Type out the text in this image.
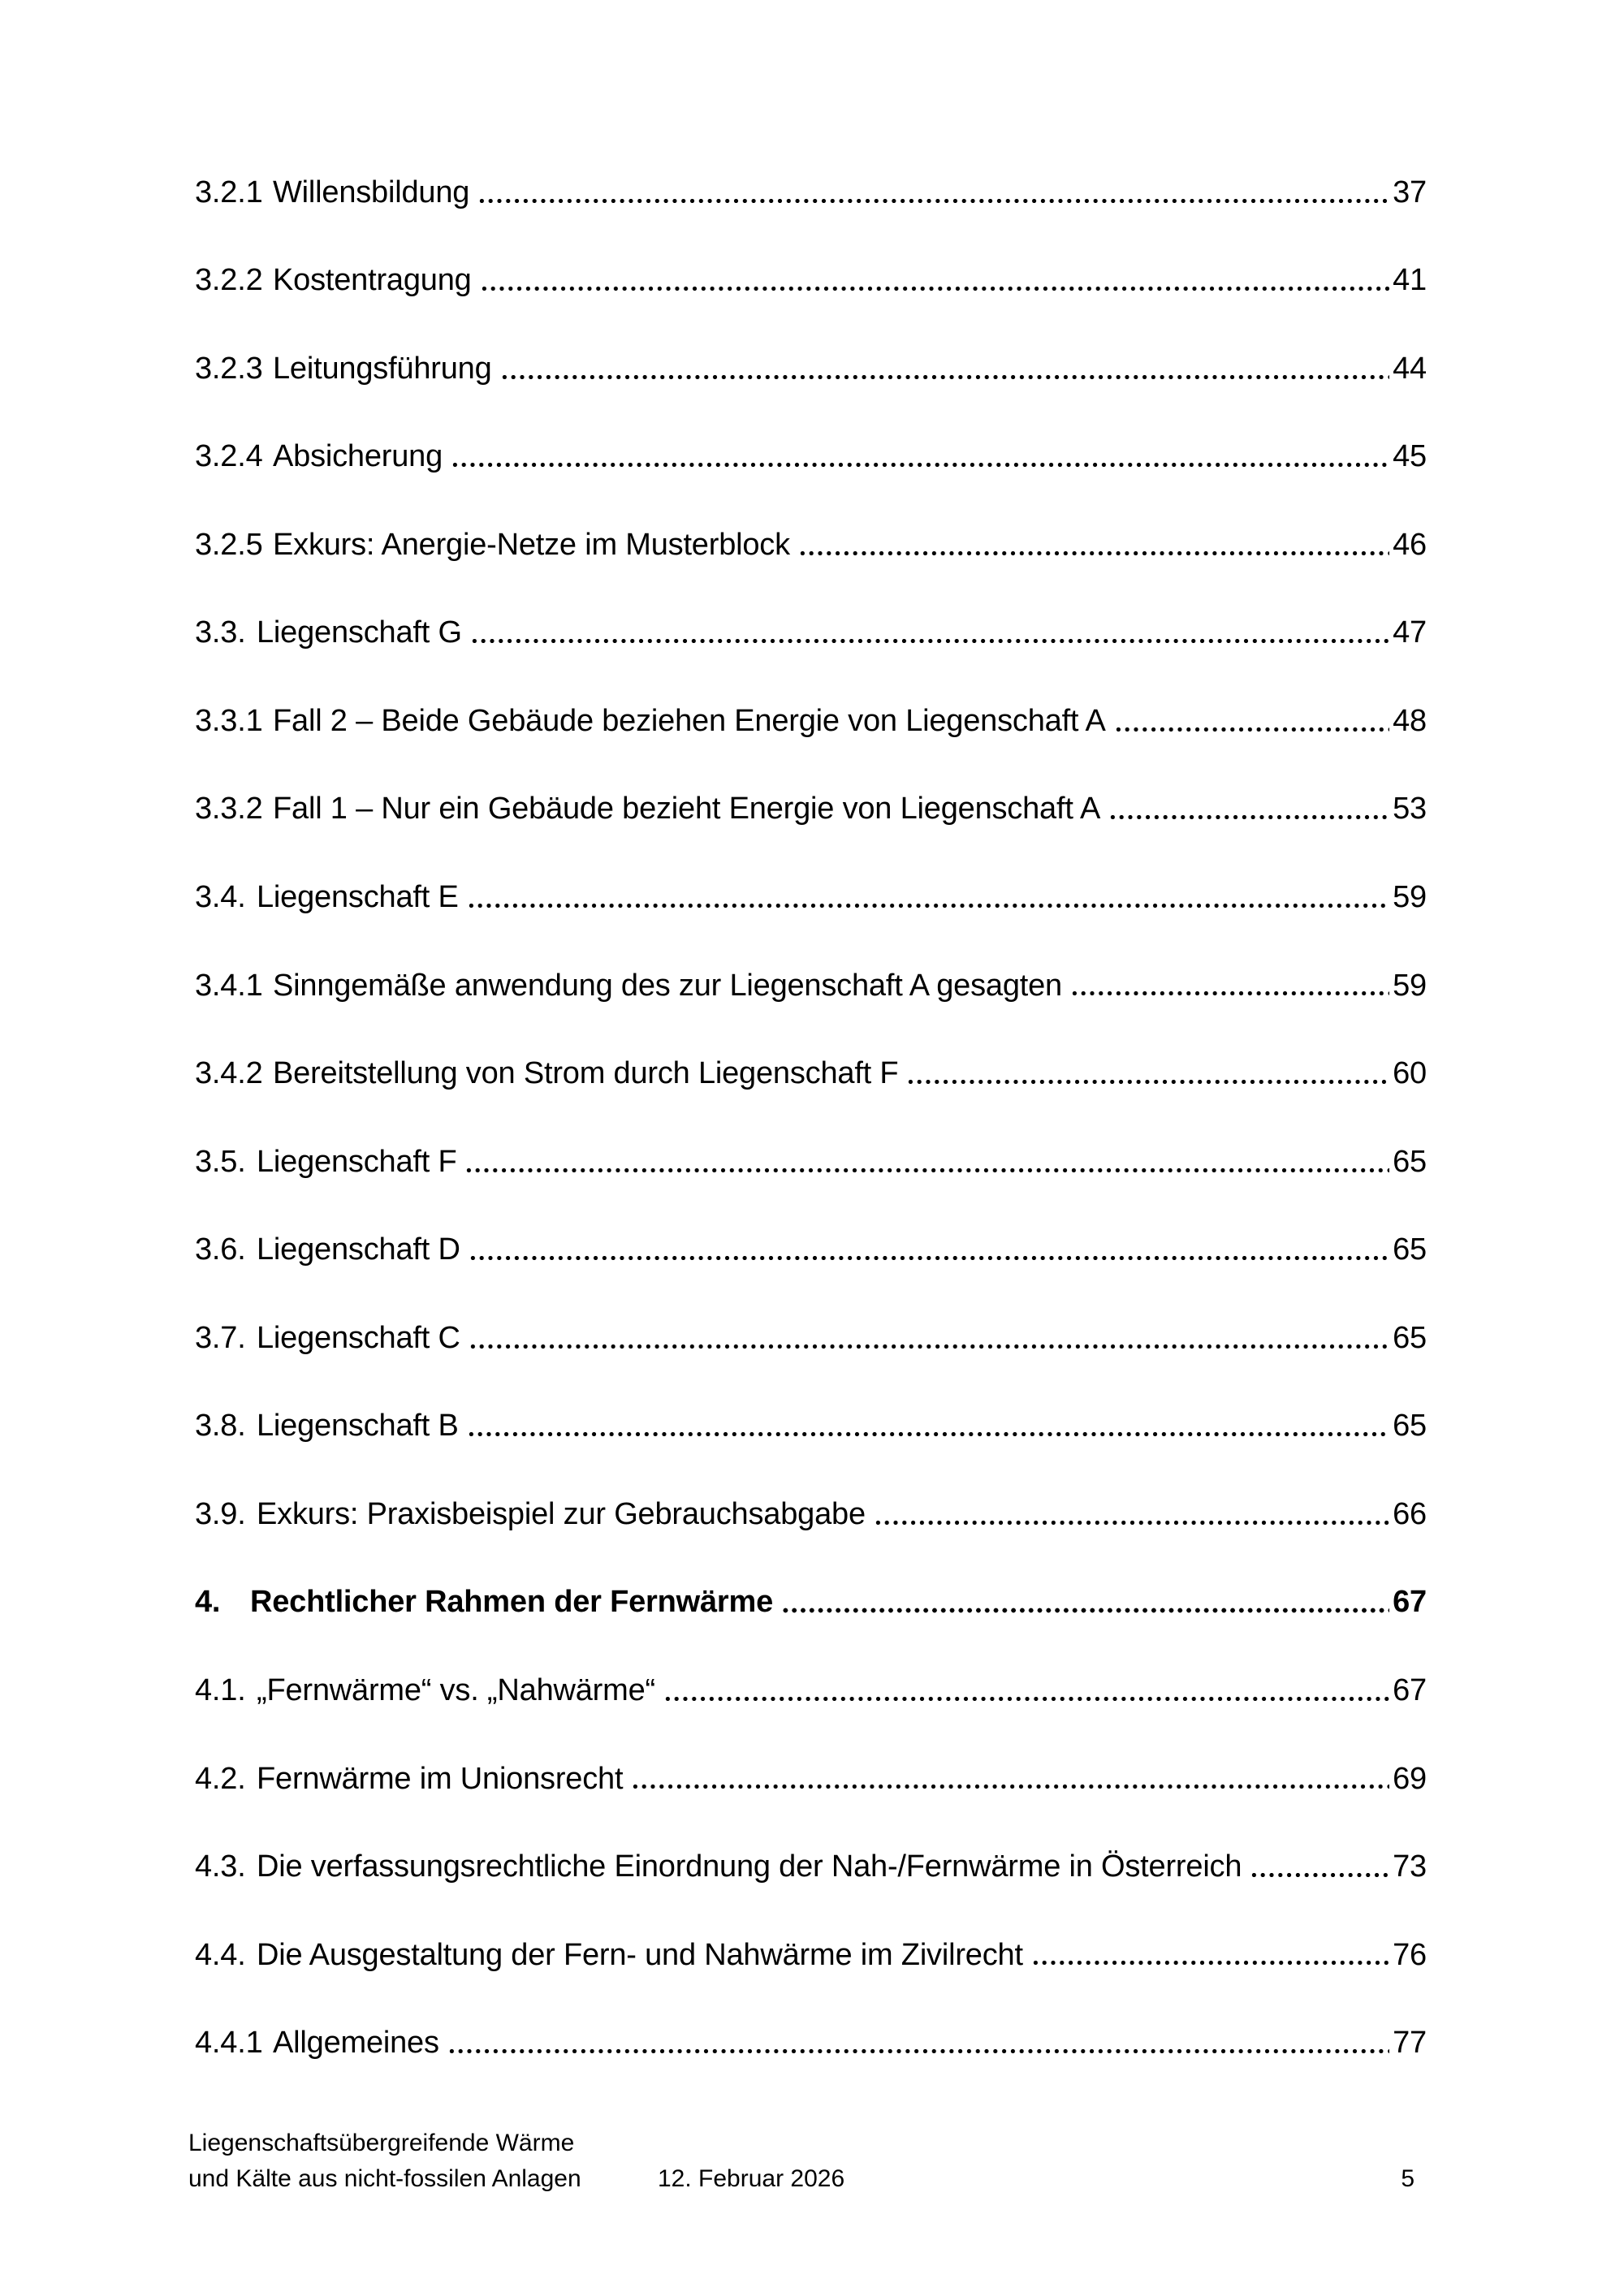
3.2.1 Willensbildung	37
3.2.2 Kostentragung	41
3.2.3 Leitungsführung	44
3.2.4 Absicherung	45
3.2.5 Exkurs: Anergie-Netze im Musterblock	46
3.3. Liegenschaft G	47
3.3.1 Fall 2 – Beide Gebäude beziehen Energie von Liegenschaft A	48
3.3.2 Fall 1 – Nur ein Gebäude bezieht Energie von Liegenschaft A	53
3.4. Liegenschaft E	59
3.4.1 Sinngemäße anwendung des zur Liegenschaft A gesagten	59
3.4.2 Bereitstellung von Strom durch Liegenschaft F	60
3.5. Liegenschaft F	65
3.6. Liegenschaft D	65
3.7. Liegenschaft C	65
3.8. Liegenschaft B	65
3.9. Exkurs: Praxisbeispiel zur Gebrauchsabgabe	66
4. Rechtlicher Rahmen der Fernwärme	67
4.1. „Fernwärme“ vs. „Nahwärme“	67
4.2. Fernwärme im Unionsrecht	69
4.3. Die verfassungsrechtliche Einordnung der Nah-/Fernwärme in Österreich	73
4.4. Die Ausgestaltung der Fern- und Nahwärme im Zivilrecht	76
4.4.1 Allgemeines	77
Liegenschaftsübergreifende Wärme
und Kälte aus nicht-fossilen Anlagen	12. Februar 2026	5
